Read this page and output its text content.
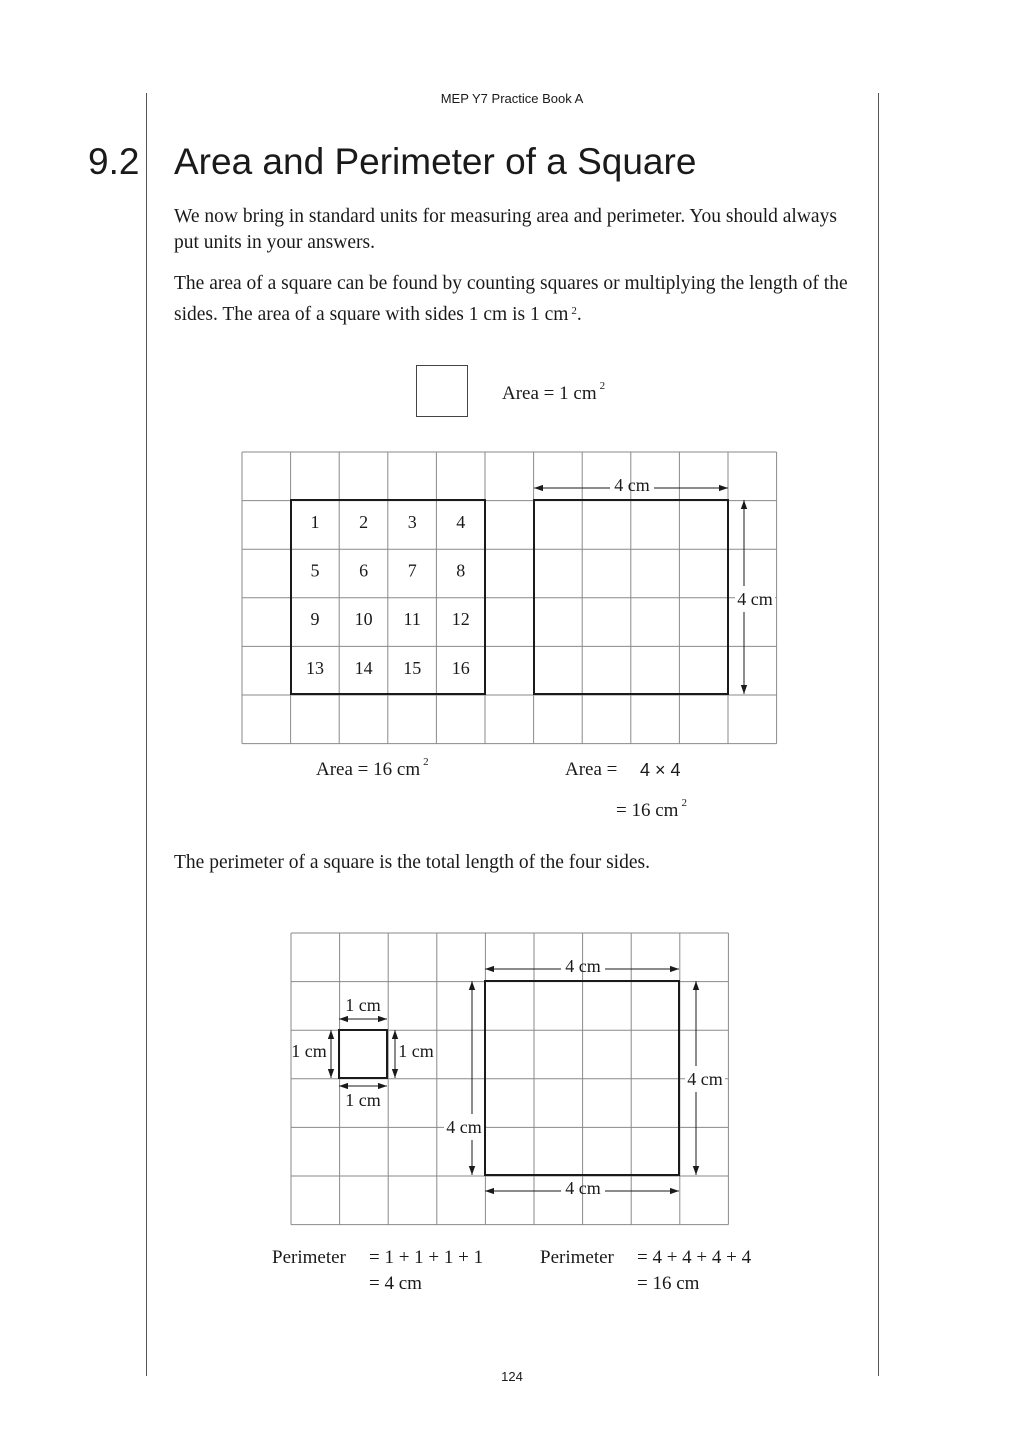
MEP Y7 Practice Book A
9.2 Area and Perimeter of a Square
We now bring in standard units for measuring area and perimeter. You should always put units in your answers.
The area of a square can be found by counting squares or multiplying the length of the sides. The area of a square with sides 1 cm is 1 cm $^2$.
Area = 1 cm $^2$
1 2 3 4
5 6 7 8
9 10 11 12
13 14 15 16
4 cm
4 cm
Area = 16 cm $^2$	Area = 4 × 4
= 16 cm $^2$
The perimeter of a square is the total length of the four sides.
1 cm
1 cm
1 cm	1 cm
4 cm
4 cm
4 cm
4 cm
Perimeter = 1 + 1 + 1 + 1
= 4 cm
Perimeter = 4 + 4 + 4 + 4
= 16 cm
124
